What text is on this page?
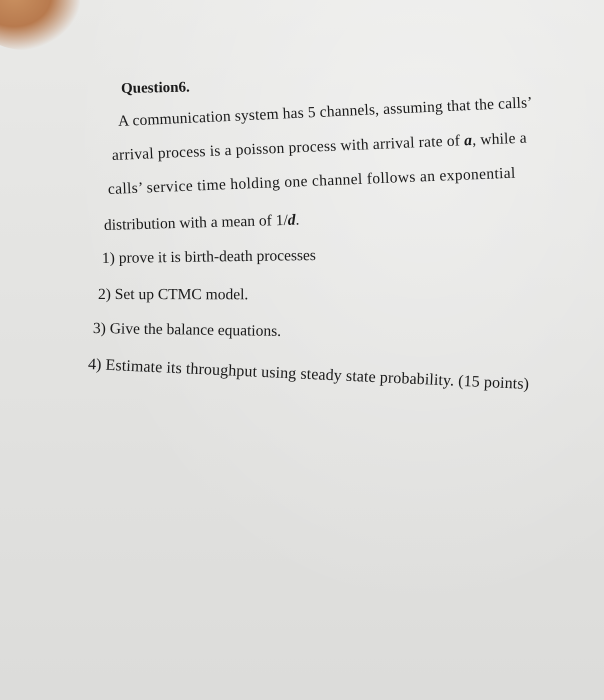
Question6.
A communication system has 5 channels, assuming that the calls’
arrival process is a poisson process with arrival rate of a, while a
calls’ service time holding one channel follows an exponential
distribution with a mean of 1/d.
1) prove it is birth-death processes
2) Set up CTMC model.
3) Give the balance equations.
4) Estimate its throughput using steady state probability. (15 points)
